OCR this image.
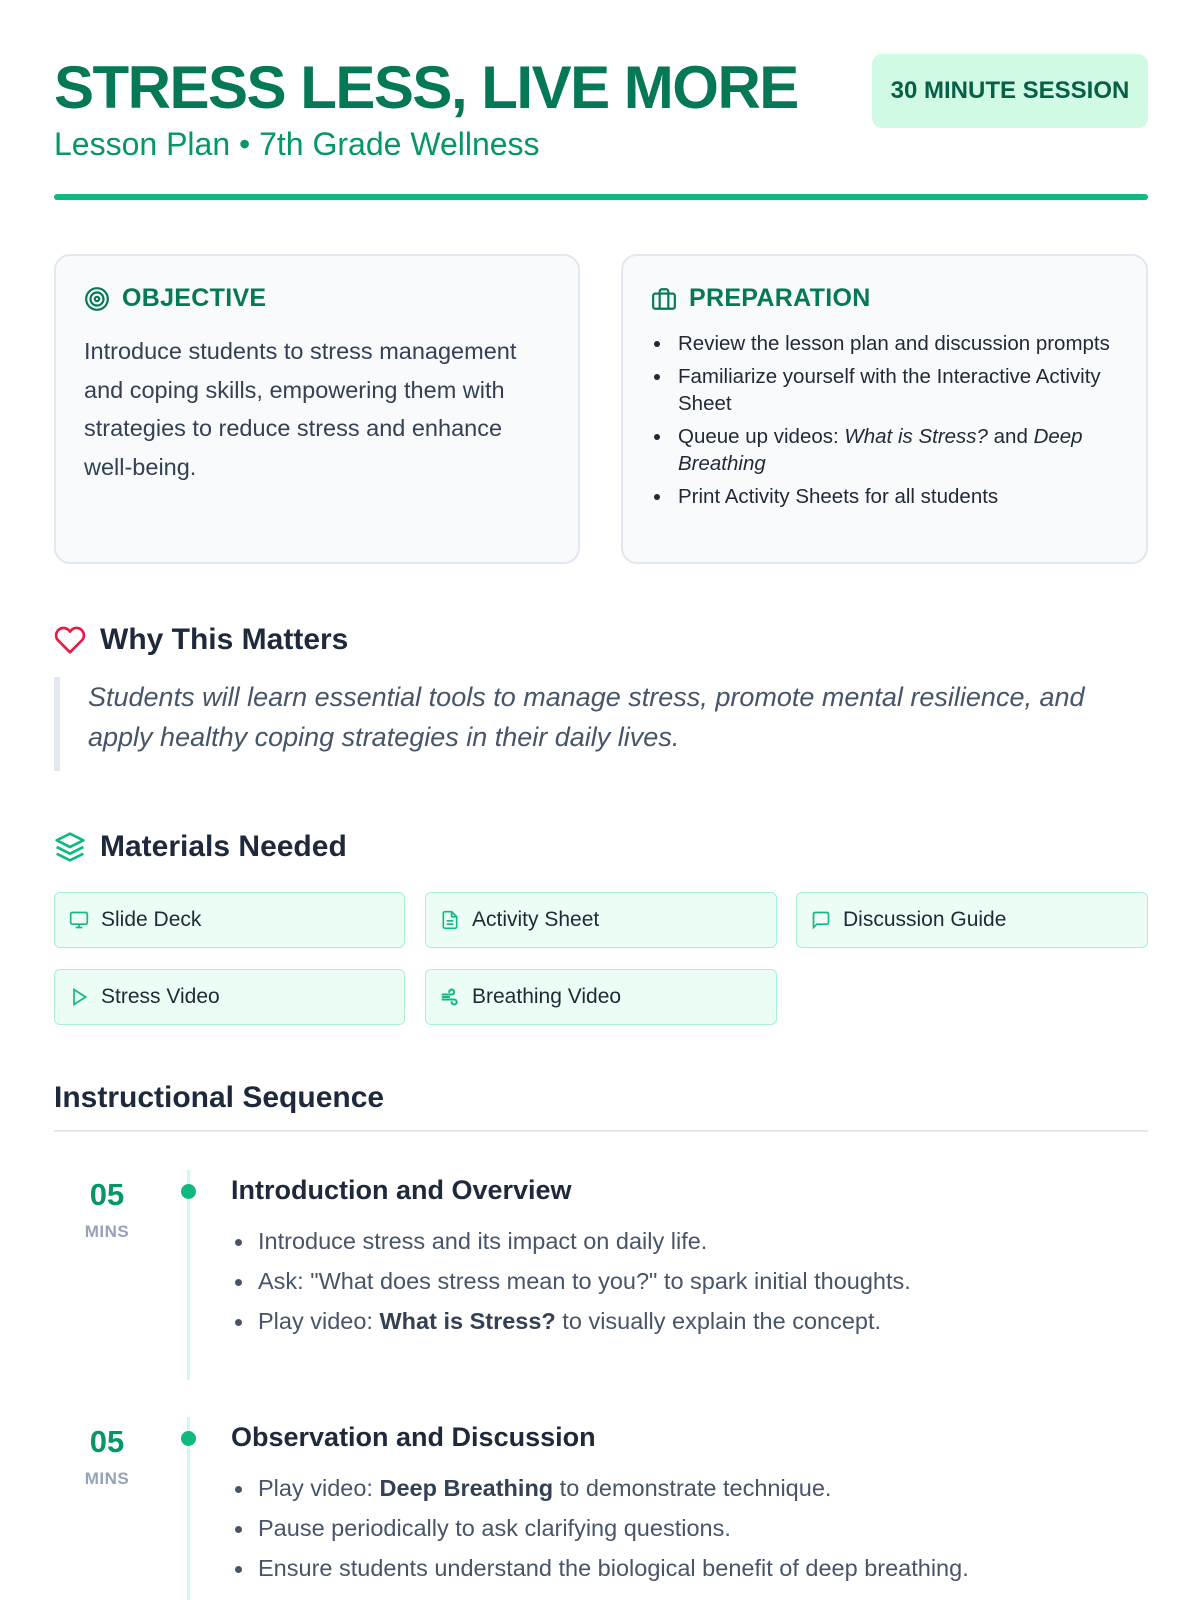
STRESS LESS, LIVE MORE
Lesson Plan • 7th Grade Wellness
30 MINUTE SESSION
OBJECTIVE

Introduce students to stress management and coping skills, empowering them with strategies to reduce stress and enhance well-being.

PREPARATION
Review the lesson plan and discussion prompts
Familiarize yourself with the Interactive Activity Sheet
Queue up videos: What is Stress? and Deep Breathing
Print Activity Sheets for all students
Why This Matters

Students will learn essential tools to manage stress, promote mental resilience, and apply healthy coping strategies in their daily lives.

Materials Needed
Slide Deck	Activity Sheet	Discussion Guide
Stress Video	Breathing Video
Instructional Sequence
05
MINS
Introduction and Overview
Introduce stress and its impact on daily life.
Ask: "What does stress mean to you?" to spark initial thoughts.
Play video: What is Stress? to visually explain the concept.
05
MINS
Observation and Discussion
Play video: Deep Breathing to demonstrate technique.
Pause periodically to ask clarifying questions.
Ensure students understand the biological benefit of deep breathing.
